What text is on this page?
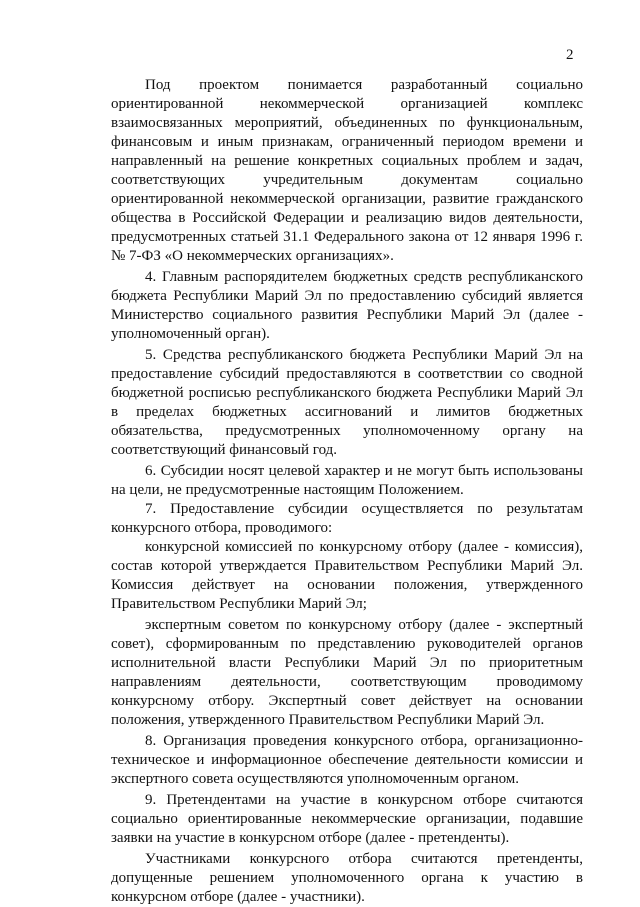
2

Под проектом понимается разработанный социально ориентированной некоммерческой организацией комплекс взаимосвязанных мероприятий, объединенных по функциональным, финансовым и иным признакам, ограниченный периодом времени и направленный на решение конкретных социальных проблем и задач, соответствующих учредительным документам социально ориентированной некоммерческой организации, развитие гражданского общества в Российской Федерации и реализацию видов деятельности, предусмотренных статьей 31.1 Федерального закона от 12 января 1996 г. № 7-ФЗ «О некоммерческих организациях».

4. Главным распорядителем бюджетных средств республиканского бюджета Республики Марий Эл по предоставлению субсидий является Министерство социального развития Республики Марий Эл (далее - уполномоченный орган).

5. Средства республиканского бюджета Республики Марий Эл на предоставление субсидий предоставляются в соответствии со сводной бюджетной росписью республиканского бюджета Республики Марий Эл в пределах бюджетных ассигнований и лимитов бюджетных обязательства, предусмотренных уполномоченному органу на соответствующий финансовый год.

6. Субсидии носят целевой характер и не могут быть использованы на цели, не предусмотренные настоящим Положением.

7. Предоставление субсидии осуществляется по результатам конкурсного отбора, проводимого:

конкурсной комиссией по конкурсному отбору (далее - комиссия), состав которой утверждается Правительством Республики Марий Эл. Комиссия действует на основании положения, утвержденного Правительством Республики Марий Эл;

экспертным советом по конкурсному отбору (далее - экспертный совет), сформированным по представлению руководителей органов исполнительной власти Республики Марий Эл по приоритетным направлениям деятельности, соответствующим проводимому конкурсному отбору. Экспертный совет действует на основании положения, утвержденного Правительством Республики Марий Эл.

8. Организация проведения конкурсного отбора, организационно-техническое и информационное обеспечение деятельности комиссии и экспертного совета осуществляются уполномоченным органом.

9. Претендентами на участие в конкурсном отборе считаются социально ориентированные некоммерческие организации, подавшие заявки на участие в конкурсном отборе (далее - претенденты).

Участниками конкурсного отбора считаются претенденты, допущенные решением уполномоченного органа к участию в конкурсном отборе (далее - участники).
